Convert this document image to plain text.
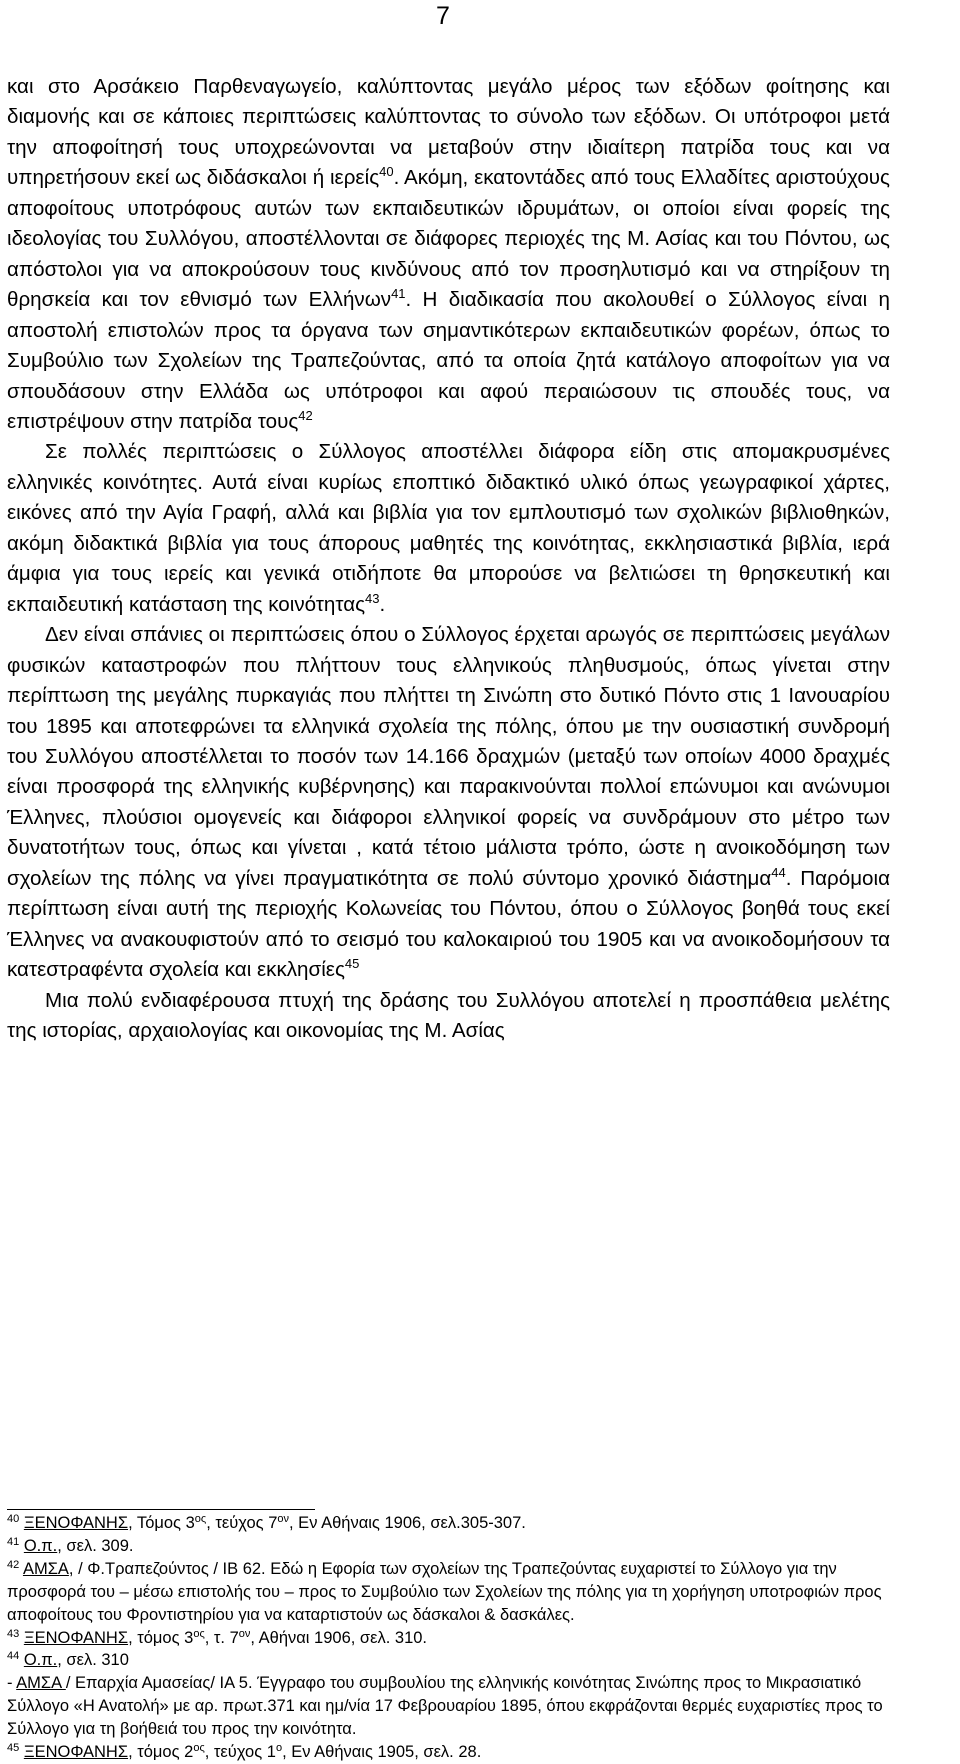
7

και στο Αρσάκειο Παρθεναγωγείο, καλύπτοντας μεγάλο μέρος των εξόδων φοίτησης και διαμονής και σε κάποιες περιπτώσεις καλύπτοντας το σύνολο των εξόδων. Οι υπότροφοι μετά την αποφοίτησή τους υποχρεώνονται να μεταβούν στην ιδιαίτερη πατρίδα τους και να υπηρετήσουν εκεί ως διδάσκαλοι ή ιερείς$^{40}$. Ακόμη, εκατοντάδες από τους Ελλαδίτες αριστούχους αποφοίτους υποτρόφους αυτών των εκπαιδευτικών ιδρυμάτων, οι οποίοι είναι φορείς της ιδεολογίας του Συλλόγου, αποστέλλονται σε διάφορες περιοχές της Μ. Ασίας και του Πόντου, ως απόστολοι για να αποκρούσουν τους κινδύνους από τον προσηλυτισμό και να στηρίξουν τη θρησκεία και τον εθνισμό των Ελλήνων$^{41}$. Η διαδικασία που ακολουθεί ο Σύλλογος είναι η αποστολή επιστολών προς τα όργανα των σημαντικότερων εκπαιδευτικών φορέων, όπως το Συμβούλιο των Σχολείων της Τραπεζούντας, από τα οποία ζητά κατάλογο αποφοίτων για να σπουδάσουν στην Ελλάδα ως υπότροφοι και αφού περαιώσουν τις σπουδές τους, να επιστρέψουν στην πατρίδα τους$^{42}$

Σε πολλές περιπτώσεις ο Σύλλογος αποστέλλει διάφορα είδη στις απομακρυσμένες ελληνικές κοινότητες. Αυτά είναι κυρίως εποπτικό διδακτικό υλικό όπως γεωγραφικοί χάρτες, εικόνες από την Αγία Γραφή, αλλά και βιβλία για τον εμπλουτισμό των σχολικών βιβλιοθηκών, ακόμη διδακτικά βιβλία για τους άπορους μαθητές της κοινότητας, εκκλησιαστικά βιβλία, ιερά άμφια για τους ιερείς και γενικά οτιδήποτε θα μπορούσε να βελτιώσει τη θρησκευτική και εκπαιδευτική κατάσταση της κοινότητας$^{43}$.

Δεν είναι σπάνιες οι περιπτώσεις όπου ο Σύλλογος έρχεται αρωγός σε περιπτώσεις μεγάλων φυσικών καταστροφών που πλήττουν τους ελληνικούς πληθυσμούς, όπως γίνεται στην περίπτωση της μεγάλης πυρκαγιάς που πλήττει τη Σινώπη στο δυτικό Πόντο στις 1 Ιανουαρίου του 1895 και αποτεφρώνει τα ελληνικά σχολεία της πόλης, όπου με την ουσιαστική συνδρομή του Συλλόγου αποστέλλεται το ποσόν των 14.166 δραχμών (μεταξύ των οποίων 4000 δραχμές είναι προσφορά της ελληνικής κυβέρνησης) και παρακινούνται πολλοί επώνυμοι και ανώνυμοι Έλληνες, πλούσιοι ομογενείς και διάφοροι ελληνικοί φορείς να συνδράμουν στο μέτρο των δυνατοτήτων τους, όπως και γίνεται , κατά τέτοιο μάλιστα τρόπο, ώστε η ανοικοδόμηση των σχολείων της πόλης να γίνει πραγματικότητα σε πολύ σύντομο χρονικό διάστημα$^{44}$. Παρόμοια περίπτωση είναι αυτή της περιοχής Κολωνείας του Πόντου, όπου ο Σύλλογος βοηθά τους εκεί Έλληνες να ανακουφιστούν από το σεισμό του καλοκαιριού του 1905 και να ανοικοδομήσουν τα κατεστραφέντα σχολεία και εκκλησίες$^{45}$

Μια πολύ ενδιαφέρουσα πτυχή της δράσης του Συλλόγου αποτελεί η προσπάθεια μελέτης της ιστορίας, αρχαιολογίας και οικονομίας της Μ. Ασίας

$^{40}$ ΞΕΝΟΦΑΝΗΣ, Τόμος $3^{o\varsigma}$, τεύχος $7^{o\nu}$, Εν Αθήναις 1906, σελ.305-307.

$^{41}$ Ο.π., σελ. 309.

$^{42}$ ΑΜΣΑ, / Φ.Τραπεζούντος / ΙΒ 62. Εδώ η Εφορία των σχολείων της Τραπεζούντας ευχαριστεί το Σύλλογο για την προσφορά του – μέσω επιστολής του – προς το Συμβούλιο των Σχολείων της πόλης για τη χορήγηση υποτροφιών προς αποφοίτους του Φροντιστηρίου για να καταρτιστούν ως δάσκαλοι & δασκάλες.

$^{43}$ ΞΕΝΟΦΑΝΗΣ, τόμος $3^{o\varsigma}$, τ. $7^{o\nu}$, Αθήναι 1906, σελ. 310.

$^{44}$ Ο.π., σελ. 310

- ΑΜΣΑ / Επαρχία Αμασείας/ ΙΑ 5. Έγγραφο του συμβουλίου της ελληνικής κοινότητας Σινώπης προς το Μικρασιατικό Σύλλογο «Η Ανατολή» με αρ. πρωτ.371 και ημ/νία 17 Φεβρουαρίου 1895, όπου εκφράζονται θερμές ευχαριστίες προς το Σύλλογο για τη βοήθειά του προς την κοινότητα.

$^{45}$ ΞΕΝΟΦΑΝΗΣ, τόμος $2^{o\varsigma}$, τεύχος $1^o$, Εν Αθήναις 1905, σελ. 28.
